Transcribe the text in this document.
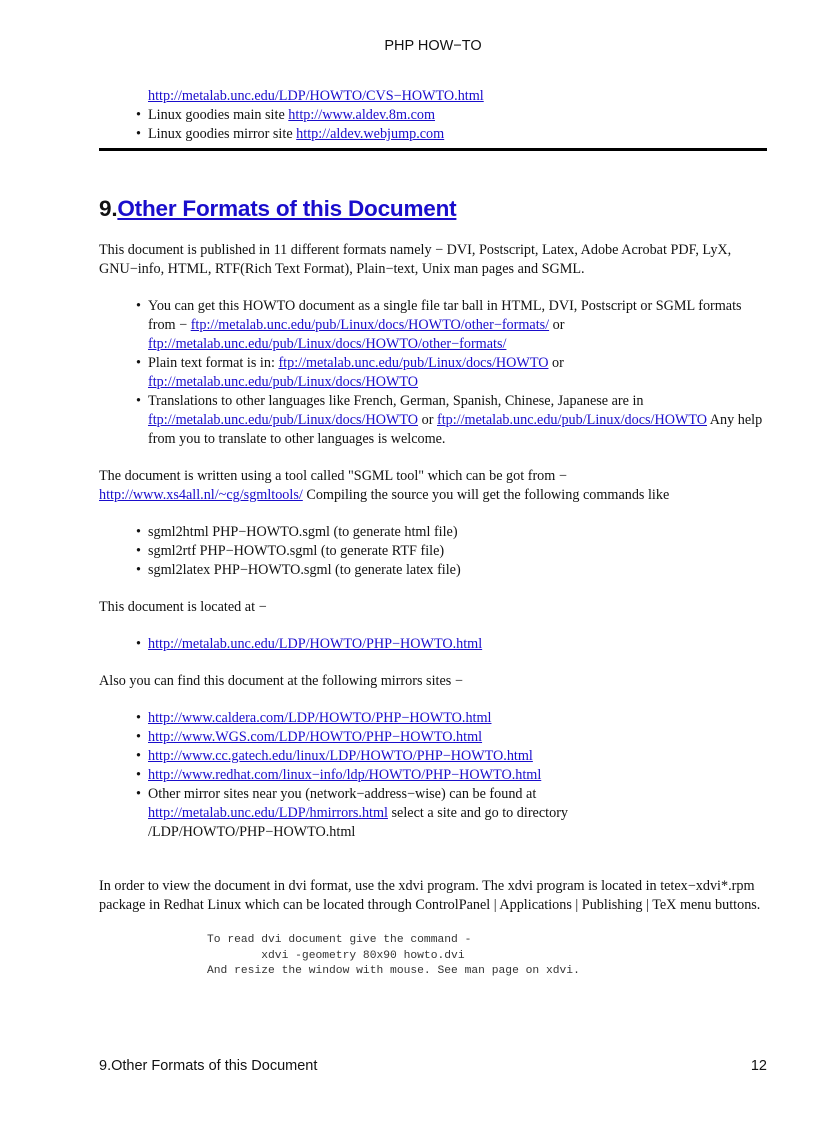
PHP HOW−TO
http://metalab.unc.edu/LDP/HOWTO/CVS−HOWTO.html
• Linux goodies main site http://www.aldev.8m.com
• Linux goodies mirror site http://aldev.webjump.com
9.Other Formats of this Document

This document is published in 11 different formats namely − DVI, Postscript, Latex, Adobe Acrobat PDF, LyX, GNU−info, HTML, RTF(Rich Text Format), Plain−text, Unix man pages and SGML.

• You can get this HOWTO document as a single file tar ball in HTML, DVI, Postscript or SGML formats from − ftp://metalab.unc.edu/pub/Linux/docs/HOWTO/other−formats/ or ftp://metalab.unc.edu/pub/Linux/docs/HOWTO/other−formats/
• Plain text format is in: ftp://metalab.unc.edu/pub/Linux/docs/HOWTO or ftp://metalab.unc.edu/pub/Linux/docs/HOWTO
• Translations to other languages like French, German, Spanish, Chinese, Japanese are in ftp://metalab.unc.edu/pub/Linux/docs/HOWTO or ftp://metalab.unc.edu/pub/Linux/docs/HOWTO Any help from you to translate to other languages is welcome.

The document is written using a tool called "SGML tool" which can be got from − http://www.xs4all.nl/~cg/sgmltools/ Compiling the source you will get the following commands like

• sgml2html PHP−HOWTO.sgml (to generate html file)
• sgml2rtf PHP−HOWTO.sgml (to generate RTF file)
• sgml2latex PHP−HOWTO.sgml (to generate latex file)

This document is located at −

• http://metalab.unc.edu/LDP/HOWTO/PHP−HOWTO.html

Also you can find this document at the following mirrors sites −

• http://www.caldera.com/LDP/HOWTO/PHP−HOWTO.html
• http://www.WGS.com/LDP/HOWTO/PHP−HOWTO.html
• http://www.cc.gatech.edu/linux/LDP/HOWTO/PHP−HOWTO.html
• http://www.redhat.com/linux−info/ldp/HOWTO/PHP−HOWTO.html
• Other mirror sites near you (network−address−wise) can be found at http://metalab.unc.edu/LDP/hmirrors.html select a site and go to directory /LDP/HOWTO/PHP−HOWTO.html

In order to view the document in dvi format, use the xdvi program. The xdvi program is located in tetex−xdvi*.rpm package in Redhat Linux which can be located through ControlPanel | Applications | Publishing | TeX menu buttons.

To read dvi document give the command -
xdvi -geometry 80x90 howto.dvi
And resize the window with mouse. See man page on xdvi.
9.Other Formats of this Document	12
